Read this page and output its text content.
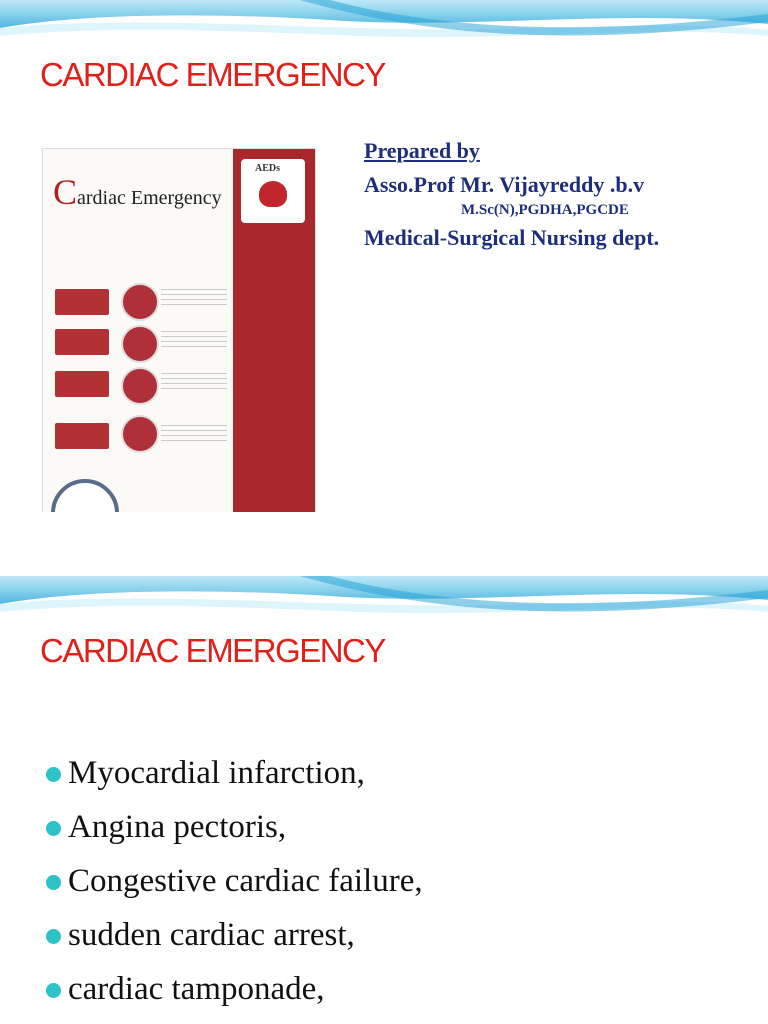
CARDIAC EMERGENCY
Cardiac Emergency
AEDs

Prepared by

Asso.Prof Mr. Vijayreddy .b.v

M.Sc(N),PGDHA,PGCDE

Medical-Surgical Nursing dept.

CARDIAC EMERGENCY
Myocardial infarction,
Angina pectoris,
Congestive cardiac failure,
sudden cardiac arrest,
cardiac tamponade,
